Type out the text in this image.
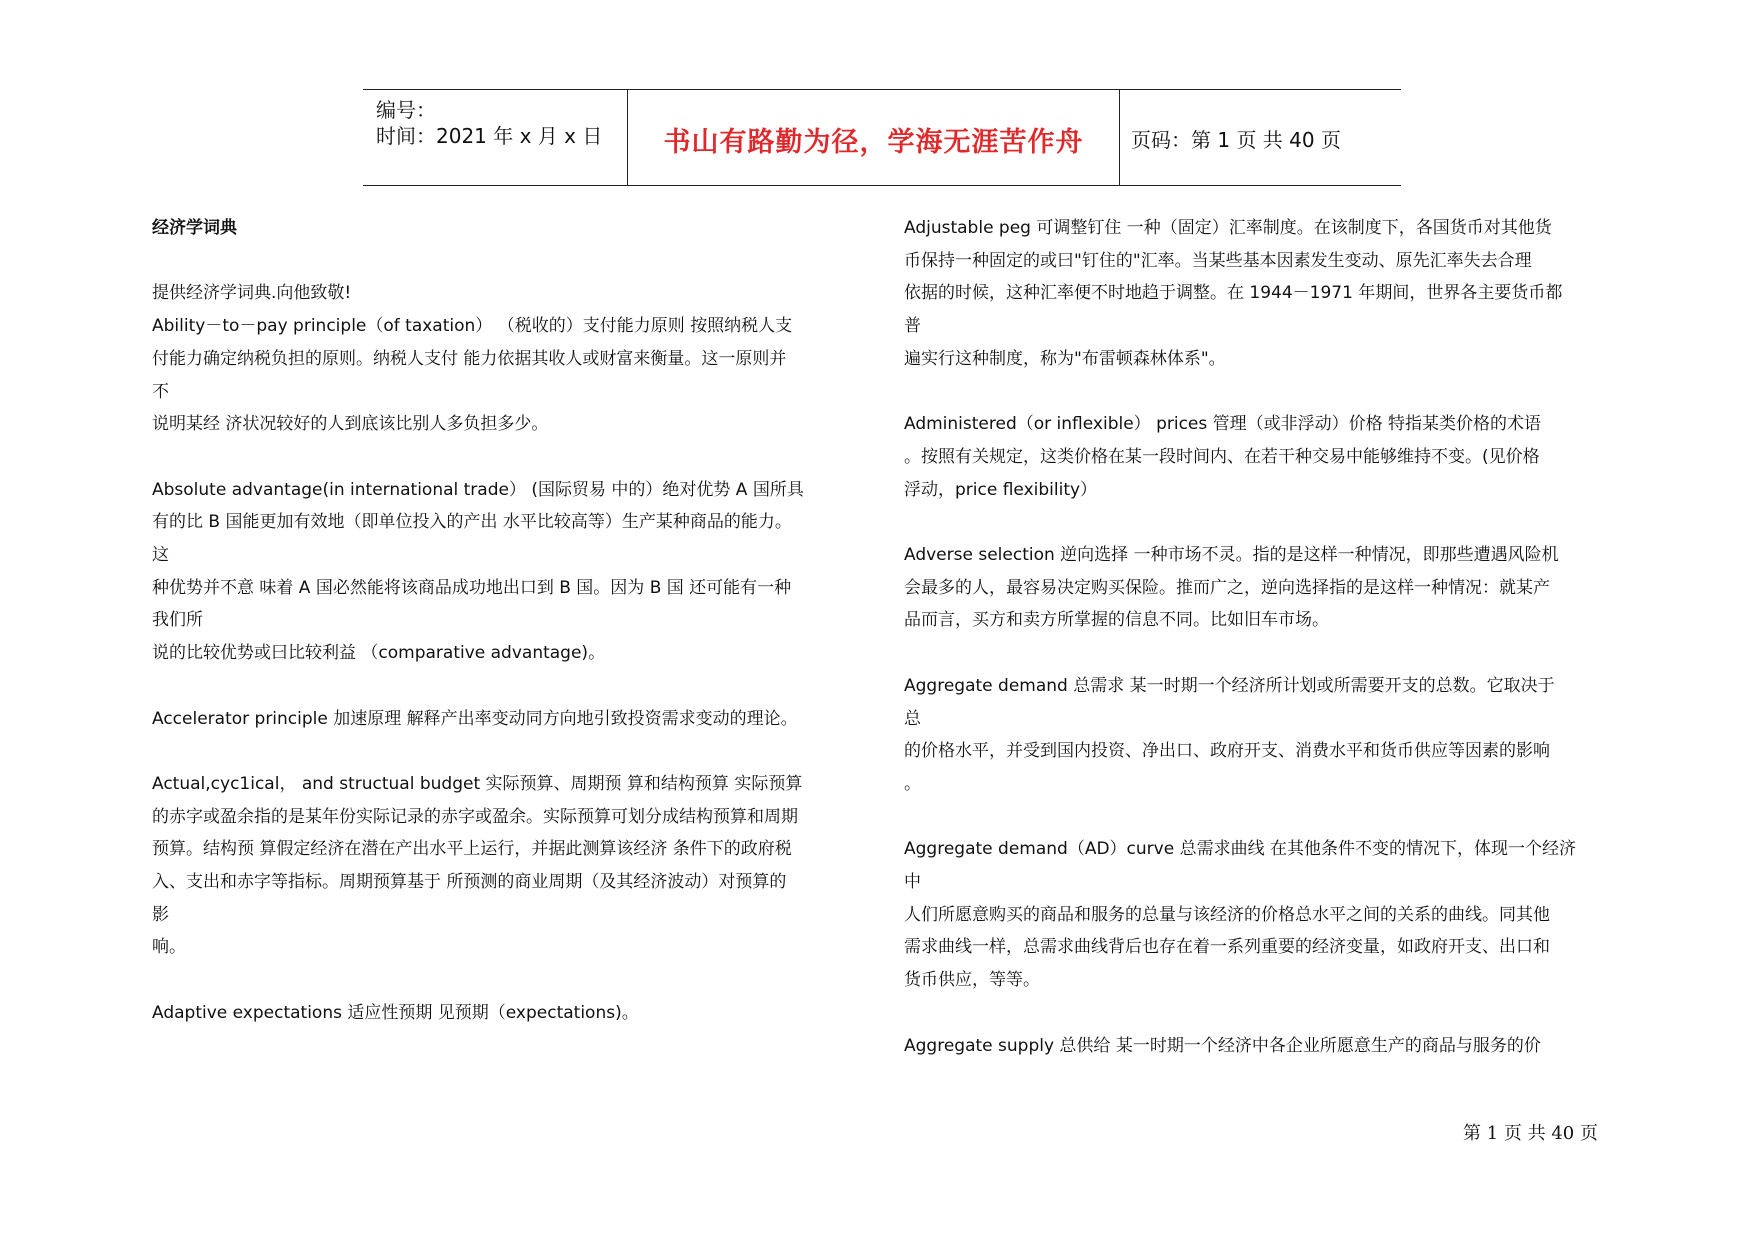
编号：
时间：2021 年 x 月 x 日	书山有路勤为径，学海无涯苦作舟	页码：第 1 页 共 40 页

经济学词典

提供经济学词典.向他致敬!

Ability－to－pay principle（of taxation） （税收的）支付能力原则 按照纳税人支

付能力确定纳税负担的原则。纳税人支付 能力依据其收人或财富来衡量。这一原则并

不

说明某经 济状况较好的人到底该比别人多负担多少。

Absolute advantage(in international trade） (国际贸易 中的）绝对优势 A 国所具

有的比 B 国能更加有效地（即单位投入的产出 水平比较高等）生产某种商品的能力。

这

种优势并不意 味着 A 国必然能将该商品成功地出口到 B 国。因为 B 国 还可能有一种

我们所

说的比较优势或曰比较利益 （comparative advantage)。

Accelerator principle 加速原理 解释产出率变动同方向地引致投资需求变动的理论。

Actual,cyc1ical， and structual budget 实际预算、周期预 算和结构预算 实际预算

的赤字或盈余指的是某年份实际记录的赤字或盈余。实际预算可划分成结构预算和周期

预算。结构预 算假定经济在潜在产出水平上运行，并据此测算该经济 条件下的政府税

入、支出和赤字等指标。周期预算基于 所预测的商业周期（及其经济波动）对预算的

影

响。

Adaptive expectations 适应性预期 见预期（expectations)。

Adjustable peg 可调整钉住 一种（固定）汇率制度。在该制度下，各国货币对其他货

币保持一种固定的或曰"钉住的"汇率。当某些基本因素发生变动、原先汇率失去合理

依据的时候，这种汇率便不时地趋于调整。在 1944－1971 年期间，世界各主要货币都

普

遍实行这种制度，称为"布雷顿森林体系"。

Administered（or inflexible） prices 管理（或非浮动）价格 特指某类价格的术语

。按照有关规定，这类价格在某一段时间内、在若干种交易中能够维持不变。(见价格

浮动，price flexibility）

Adverse selection 逆向选择 一种市场不灵。指的是这样一种情况，即那些遭遇风险机

会最多的人，最容易决定购买保险。推而广之，逆向选择指的是这样一种情况：就某产

品而言，买方和卖方所掌握的信息不同。比如旧车市场。

Aggregate demand 总需求 某一时期一个经济所计划或所需要开支的总数。它取决于

总

的价格水平，并受到国内投资、净出口、政府开支、消费水平和货币供应等因素的影响

。

Aggregate demand（AD）curve 总需求曲线 在其他条件不变的情况下，体现一个经济

中

人们所愿意购买的商品和服务的总量与该经济的价格总水平之间的关系的曲线。同其他

需求曲线一样，总需求曲线背后也存在着一系列重要的经济变量，如政府开支、出口和

货币供应，等等。

Aggregate supply 总供给 某一时期一个经济中各企业所愿意生产的商品与服务的价

第 1 页 共 40 页
